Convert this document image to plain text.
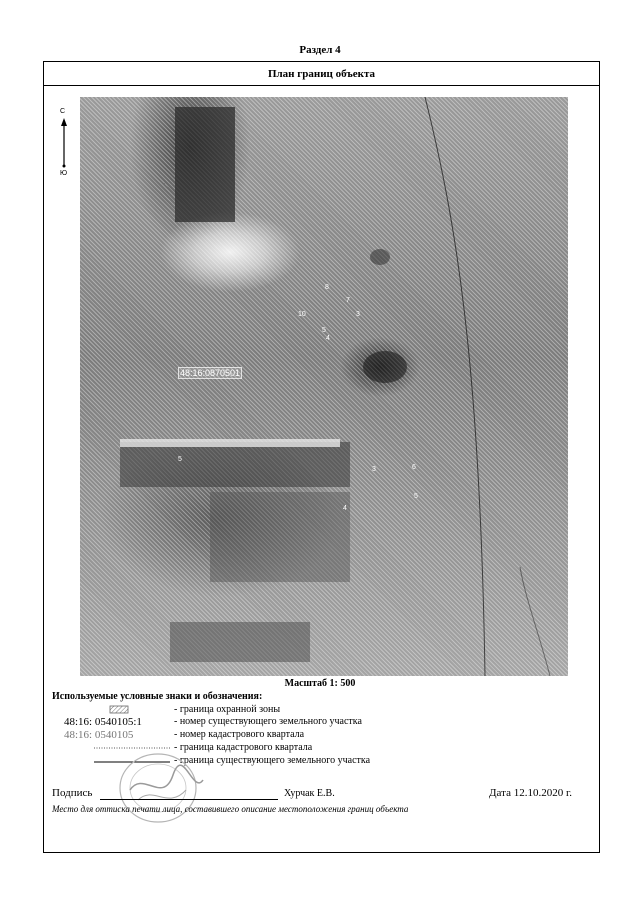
Раздел 4
План границ объекта
С
Ю
48:16:0870501
8
7
10	3
5
4
5
3	6
5
4
Масштаб 1: 500
Используемые условные знаки и обозначения:
- граница охранной зоны
48:16: 0540105:1	- номер существующего земельного участка
48:16: 0540105	- номер кадастрового квартала
- граница кадастрового квартала
- граница существующего земельного участка
Подпись	Хурчак Е.В.	Дата 12.10.2020 г.
Место для оттиска печати лица, составившего описание местоположения границ объекта
